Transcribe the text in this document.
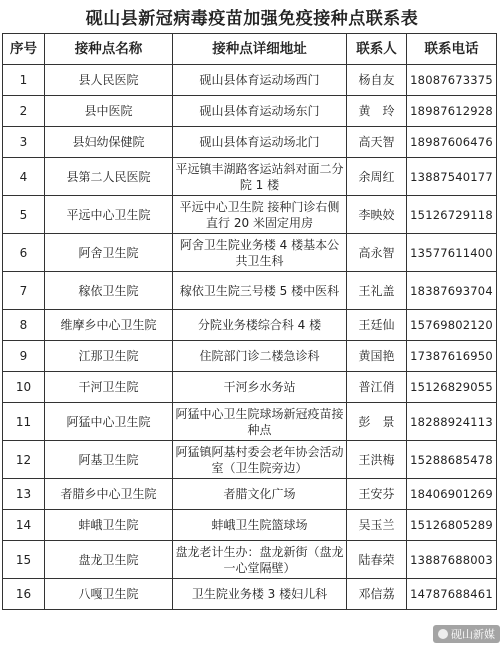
砚山县新冠病毒疫苗加强免疫接种点联系表
序号	接种点名称	接种点详细地址	联系人	联系电话
1	县人民医院	砚山县体育运动场西门	杨自友	18087673375
2	县中医院	砚山县体育运动场东门	黄　玲	18987612928
3	县妇幼保健院	砚山县体育运动场北门	高天智	18987606476
4	县第二人民医院	平远镇丰湖路客运站斜对面二分院 1 楼	余周红	13887540177
5	平远中心卫生院	平远中心卫生院 接种门诊右侧直行 20 米固定用房	李映姣	15126729118
6	阿舍卫生院	阿舍卫生院业务楼 4 楼基本公共卫生科	高永智	13577611400
7	稼依卫生院	稼依卫生院三号楼 5 楼中医科	王礼盖	18387693704
8	维摩乡中心卫生院	分院业务楼综合科 4 楼	王廷仙	15769802120
9	江那卫生院	住院部门诊二楼急诊科	黄国艳	17387616950
10	干河卫生院	干河乡水务站	普江俏	15126829055
11	阿猛中心卫生院	阿猛中心卫生院球场新冠疫苗接种点	彭　景	18288924113
12	阿基卫生院	阿猛镇阿基村委会老年协会活动室（卫生院旁边）	王洪梅	15288685478
13	者腊乡中心卫生院	者腊文化广场	王安芬	18406901269
14	蚌峨卫生院	蚌峨卫生院篮球场	吴玉兰	15126805289
15	盘龙卫生院	盘龙老计生办：盘龙新街（盘龙一心堂隔壁）	陆春荣	13887688003
16	八嘎卫生院	卫生院业务楼 3 楼妇儿科	邓信荔	14787688461
砚山新媒
